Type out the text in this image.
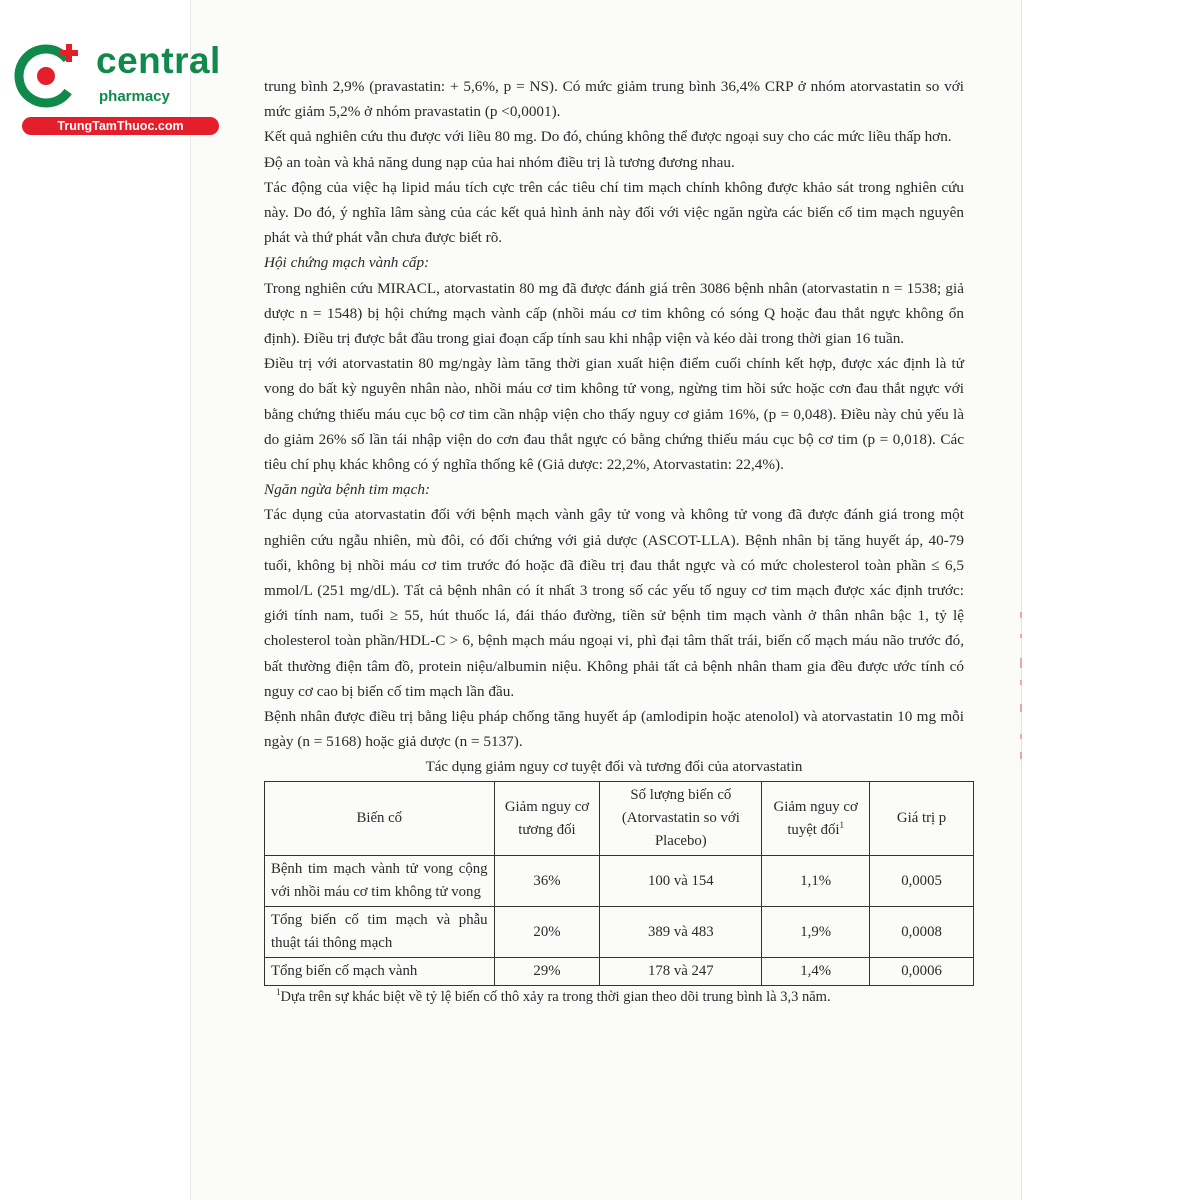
central
pharmacy
TrungTamThuoc.com

trung bình 2,9% (pravastatin: + 5,6%, p = NS). Có mức giảm trung bình 36,4% CRP ở nhóm atorvastatin so với mức giảm 5,2% ở nhóm pravastatin (p <0,0001).

Kết quả nghiên cứu thu được với liều 80 mg. Do đó, chúng không thể được ngoại suy cho các mức liều thấp hơn.

Độ an toàn và khả năng dung nạp của hai nhóm điều trị là tương đương nhau.

Tác động của việc hạ lipid máu tích cực trên các tiêu chí tim mạch chính không được khảo sát trong nghiên cứu này. Do đó, ý nghĩa lâm sàng của các kết quả hình ảnh này đối với việc ngăn ngừa các biến cố tim mạch nguyên phát và thứ phát vẫn chưa được biết rõ.

Hội chứng mạch vành cấp:

Trong nghiên cứu MIRACL, atorvastatin 80 mg đã được đánh giá trên 3086 bệnh nhân (atorvastatin n = 1538; giả dược n = 1548) bị hội chứng mạch vành cấp (nhồi máu cơ tim không có sóng Q hoặc đau thắt ngực không ổn định). Điều trị được bắt đầu trong giai đoạn cấp tính sau khi nhập viện và kéo dài trong thời gian 16 tuần.

Điều trị với atorvastatin 80 mg/ngày làm tăng thời gian xuất hiện điểm cuối chính kết hợp, được xác định là tử vong do bất kỳ nguyên nhân nào, nhồi máu cơ tim không tử vong, ngừng tim hồi sức hoặc cơn đau thắt ngực với bằng chứng thiếu máu cục bộ cơ tim cần nhập viện cho thấy nguy cơ giảm 16%, (p = 0,048). Điều này chủ yếu là do giảm 26% số lần tái nhập viện do cơn đau thắt ngực có bằng chứng thiếu máu cục bộ cơ tim (p = 0,018). Các tiêu chí phụ khác không có ý nghĩa thống kê (Giả dược: 22,2%, Atorvastatin: 22,4%).

Ngăn ngừa bệnh tim mạch:

Tác dụng của atorvastatin đối với bệnh mạch vành gây tử vong và không tử vong đã được đánh giá trong một nghiên cứu ngẫu nhiên, mù đôi, có đối chứng với giả dược (ASCOT-LLA). Bệnh nhân bị tăng huyết áp, 40-79 tuổi, không bị nhồi máu cơ tim trước đó hoặc đã điều trị đau thắt ngực và có mức cholesterol toàn phần ≤ 6,5 mmol/L (251 mg/dL). Tất cả bệnh nhân có ít nhất 3 trong số các yếu tố nguy cơ tim mạch được xác định trước: giới tính nam, tuổi ≥ 55, hút thuốc lá, đái tháo đường, tiền sử bệnh tim mạch vành ở thân nhân bậc 1, tỷ lệ cholesterol toàn phần/HDL-C > 6, bệnh mạch máu ngoại vi, phì đại tâm thất trái, biến cố mạch máu não trước đó, bất thường điện tâm đồ, protein niệu/albumin niệu. Không phải tất cả bệnh nhân tham gia đều được ước tính có nguy cơ cao bị biến cố tim mạch lần đầu.

Bệnh nhân được điều trị bằng liệu pháp chống tăng huyết áp (amlodipin hoặc atenolol) và atorvastatin 10 mg mỗi ngày (n = 5168) hoặc giả dược (n = 5137).

Tác dụng giảm nguy cơ tuyệt đối và tương đối của atorvastatin
Biến cố	Giảm nguy cơ tương đối	Số lượng biến cố (Atorvastatin so với Placebo)	Giảm nguy cơ tuyệt đối$^1$	Giá trị p
Bệnh tim mạch vành tử vong cộng với nhồi máu cơ tim không tử vong	36%	100 và 154	1,1%	0,0005
Tổng biến cố tim mạch và phẫu thuật tái thông mạch	20%	389 và 483	1,9%	0,0008
Tổng biến cố mạch vành	29%	178 và 247	1,4%	0,0006
$^1$Dựa trên sự khác biệt về tỷ lệ biến cố thô xảy ra trong thời gian theo dõi trung bình là 3,3 năm.
